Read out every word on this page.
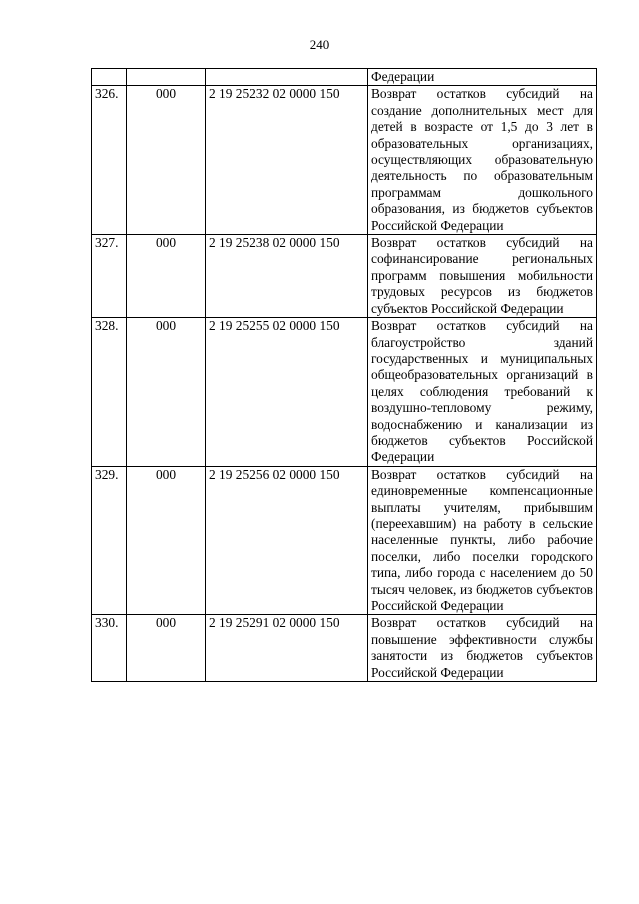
240
			Федерации
326.	000	2 19 25232 02 0000 150	Возврат остатков субсидий на создание дополнительных мест для детей в возрасте от 1,5 до 3 лет в образовательных организациях, осуществляющих образовательную деятельность по образовательным программам дошкольного образования, из бюджетов субъектов Российской Федерации
327.	000	2 19 25238 02 0000 150	Возврат остатков субсидий на софинансирование региональных программ повышения мобильности трудовых ресурсов из бюджетов субъектов Российской Федерации
328.	000	2 19 25255 02 0000 150	Возврат остатков субсидий на благоустройство зданий государственных и муниципальных общеобразовательных организаций в целях соблюдения требований к воздушно-тепловому режиму, водоснабжению и канализации из бюджетов субъектов Российской Федерации
329.	000	2 19 25256 02 0000 150	Возврат остатков субсидий на единовременные компенсационные выплаты учителям, прибывшим (переехавшим) на работу в сельские населенные пункты, либо рабочие поселки, либо поселки городского типа, либо города с населением до 50 тысяч человек, из бюджетов субъектов Российской Федерации
330.	000	2 19 25291 02 0000 150	Возврат остатков субсидий на повышение эффективности службы занятости из бюджетов субъектов Российской Федерации
